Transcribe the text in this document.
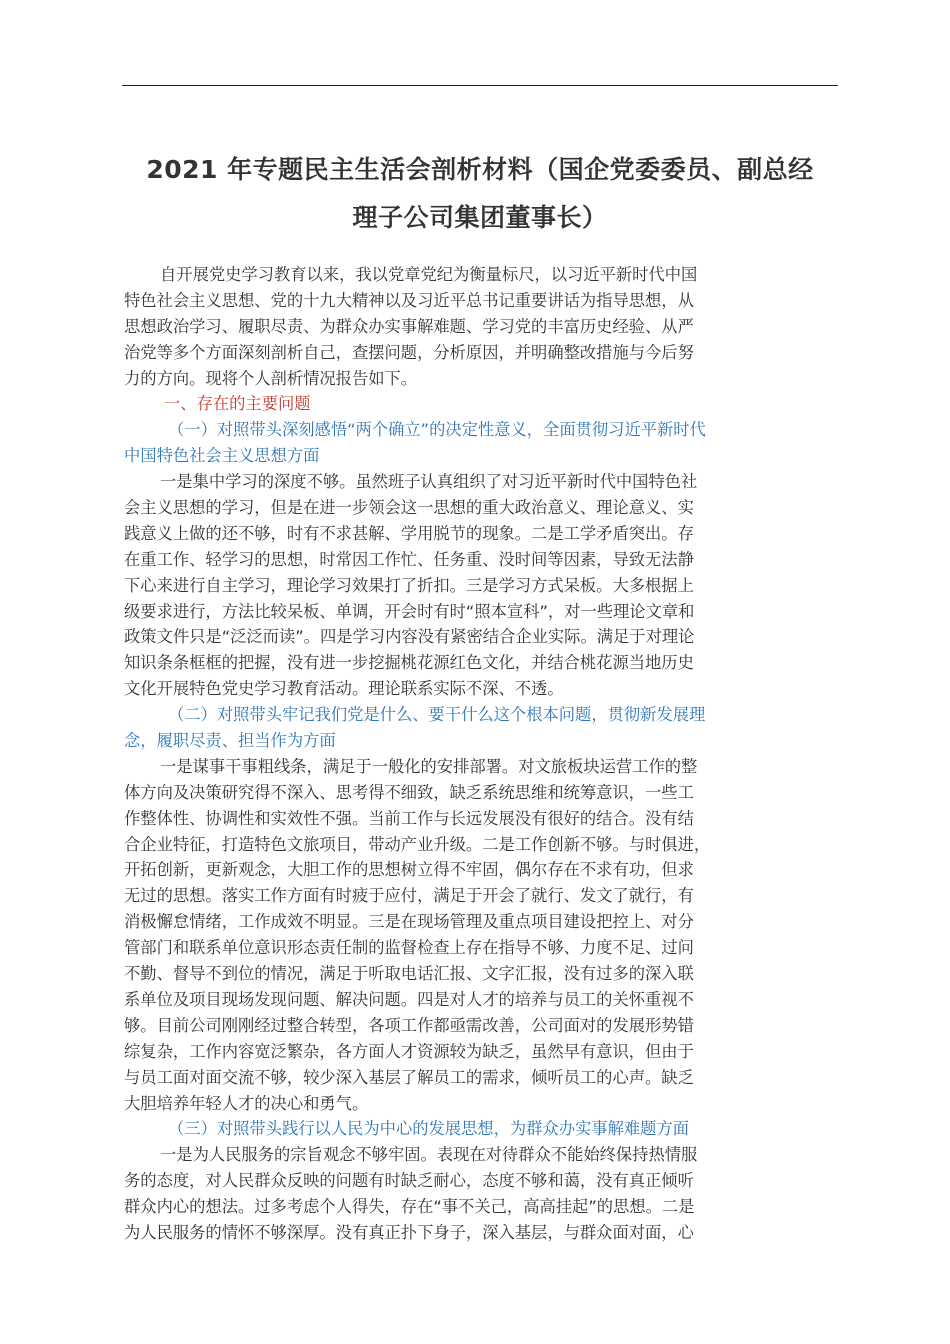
2021 年专题民主生活会剖析材料（国企党委委员、副总经
理子公司集团董事长）
自开展党史学习教育以来，我以党章党纪为衡量标尺，以习近平新时代中国
特色社会主义思想、党的十九大精神以及习近平总书记重要讲话为指导思想，从
思想政治学习、履职尽责、为群众办实事解难题、学习党的丰富历史经验、从严
治党等多个方面深刻剖析自己，查摆问题，分析原因，并明确整改措施与今后努
力的方向。现将个人剖析情况报告如下。
一、存在的主要问题
（一）对照带头深刻感悟“两个确立”的决定性意义，全面贯彻习近平新时代
中国特色社会主义思想方面
一是集中学习的深度不够。虽然班子认真组织了对习近平新时代中国特色社
会主义思想的学习，但是在进一步领会这一思想的重大政治意义、理论意义、实
践意义上做的还不够，时有不求甚解、学用脱节的现象。二是工学矛盾突出。存
在重工作、轻学习的思想，时常因工作忙、任务重、没时间等因素，导致无法静
下心来进行自主学习，理论学习效果打了折扣。三是学习方式呆板。大多根据上
级要求进行，方法比较呆板、单调，开会时有时“照本宣科”，对一些理论文章和
政策文件只是“泛泛而读”。四是学习内容没有紧密结合企业实际。满足于对理论
知识条条框框的把握，没有进一步挖掘桃花源红色文化，并结合桃花源当地历史
文化开展特色党史学习教育活动。理论联系实际不深、不透。
（二）对照带头牢记我们党是什么、要干什么这个根本问题，贯彻新发展理
念，履职尽责、担当作为方面
一是谋事干事粗线条，满足于一般化的安排部署。对文旅板块运营工作的整
体方向及决策研究得不深入、思考得不细致，缺乏系统思维和统筹意识，一些工
作整体性、协调性和实效性不强。当前工作与长远发展没有很好的结合。没有结
合企业特征，打造特色文旅项目，带动产业升级。二是工作创新不够。与时俱进，
开拓创新，更新观念，大胆工作的思想树立得不牢固，偶尔存在不求有功，但求
无过的思想。落实工作方面有时疲于应付，满足于开会了就行、发文了就行，有
消极懈怠情绪，工作成效不明显。三是在现场管理及重点项目建设把控上、对分
管部门和联系单位意识形态责任制的监督检查上存在指导不够、力度不足、过问
不勤、督导不到位的情况，满足于听取电话汇报、文字汇报，没有过多的深入联
系单位及项目现场发现问题、解决问题。四是对人才的培养与员工的关怀重视不
够。目前公司刚刚经过整合转型，各项工作都亟需改善，公司面对的发展形势错
综复杂，工作内容宽泛繁杂，各方面人才资源较为缺乏，虽然早有意识，但由于
与员工面对面交流不够，较少深入基层了解员工的需求，倾听员工的心声。缺乏
大胆培养年轻人才的决心和勇气。
（三）对照带头践行以人民为中心的发展思想，为群众办实事解难题方面
一是为人民服务的宗旨观念不够牢固。表现在对待群众不能始终保持热情服
务的态度，对人民群众反映的问题有时缺乏耐心，态度不够和蔼，没有真正倾听
群众内心的想法。过多考虑个人得失，存在“事不关己，高高挂起”的思想。二是
为人民服务的情怀不够深厚。没有真正扑下身子，深入基层，与群众面对面，心
